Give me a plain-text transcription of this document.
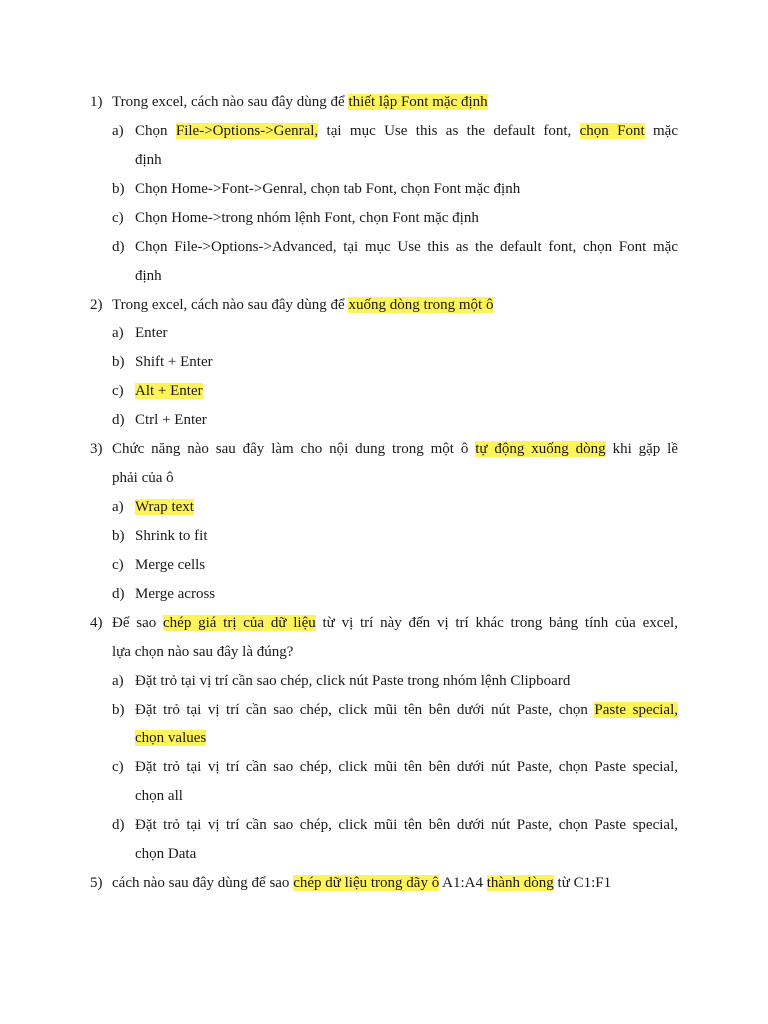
1) Trong excel, cách nào sau đây dùng để thiết lập Font mặc định
a) Chọn File->Options->Genral, tại mục Use this as the default font, chọn Font mặc
định
b) Chọn Home->Font->Genral, chọn tab Font, chọn Font mặc định
c) Chọn Home->trong nhóm lệnh Font, chọn Font mặc định
d) Chọn File->Options->Advanced, tại mục Use this as the default font, chọn Font mặc
định
2) Trong excel, cách nào sau đây dùng để xuống dòng trong một ô
a) Enter
b) Shift + Enter
c) Alt + Enter
d) Ctrl + Enter
3) Chức năng nào sau đây làm cho nội dung trong một ô tự động xuống dòng khi gặp lề
phải của ô
a) Wrap text
b) Shrink to fit
c) Merge cells
d) Merge across
4) Để sao chép giá trị của dữ liệu từ vị trí này đến vị trí khác trong bảng tính của excel,
lựa chọn nào sau đây là đúng?
a) Đặt trỏ tại vị trí cần sao chép, click nút Paste trong nhóm lệnh Clipboard
b) Đặt trỏ tại vị trí cần sao chép, click mũi tên bên dưới nút Paste, chọn Paste special,
chọn values
c) Đặt trỏ tại vị trí cần sao chép, click mũi tên bên dưới nút Paste, chọn Paste special,
chọn all
d) Đặt trỏ tại vị trí cần sao chép, click mũi tên bên dưới nút Paste, chọn Paste special,
chọn Data
5) cách nào sau đây dùng để sao chép dữ liệu trong dãy ô A1:A4 thành dòng từ C1:F1
